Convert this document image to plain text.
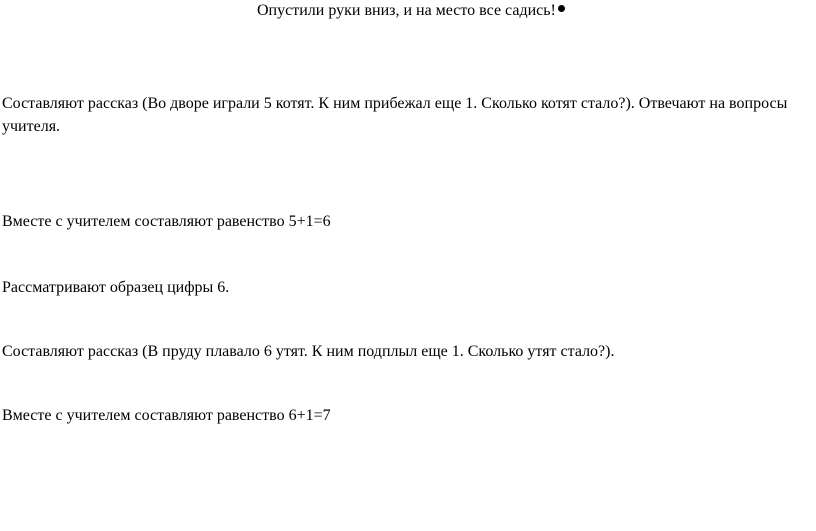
Опустили руки вниз, и на место все садись!
Составляют рассказ (Во дворе играли 5 котят. К ним прибежал еще 1. Сколько котят стало?). Отвечают на вопросы
учителя.
Вместе с учителем составляют равенство 5+1=6
Рассматривают образец цифры 6.
Составляют рассказ (В пруду плавало 6 утят. К ним подплыл еще 1. Сколько утят стало?).
Вместе с учителем составляют равенство 6+1=7
